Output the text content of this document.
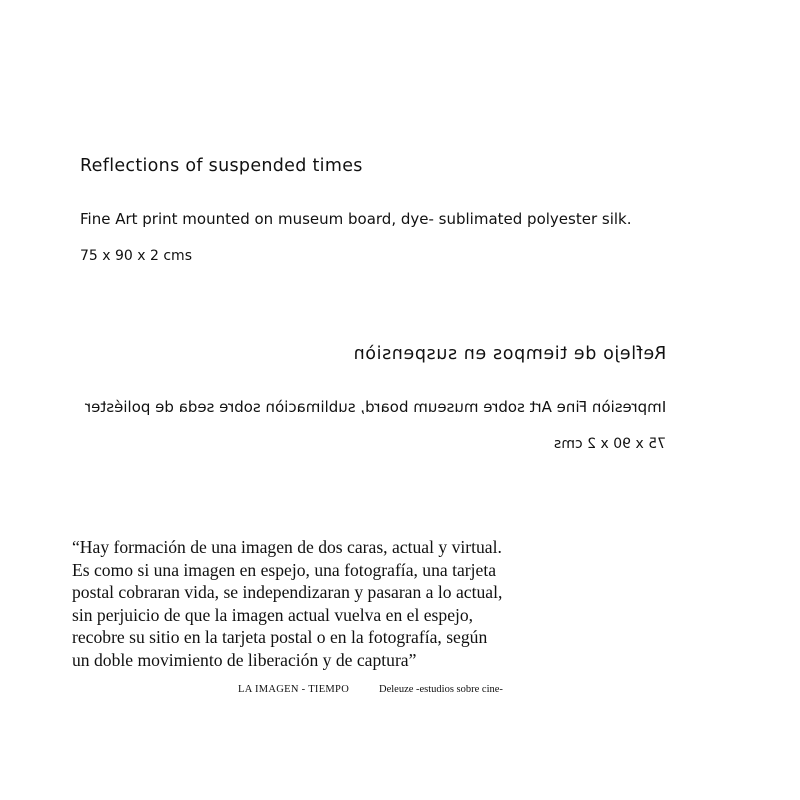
Reflections of suspended times
Fine Art print mounted on museum board, dye- sublimated polyester silk.
75 x 90 x 2 cms
Reflejo de tiempos en suspensiòn
Impresiòn Fine Art sobre museum board, sublimaciòn sobre seda de poliéster
75 x 90 x 2 cms

“Hay formación de una imagen de dos caras, actual y virtual.

Es como si una imagen en espejo, una fotografía, una tarjeta

postal cobraran vida, se independizaran y pasaran a lo actual,

sin perjuicio de que la imagen actual vuelva en el espejo,

recobre su sitio en la tarjeta postal o en la fotografía, según

un doble movimiento de liberación y de captura”

LA IMAGEN - TIEMPO	Deleuze -estudios sobre cine-
